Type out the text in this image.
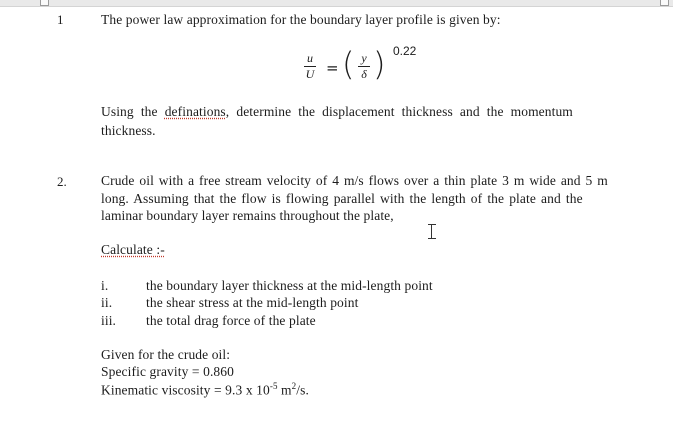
1	The power law approximation for the boundary layer profile is given by:
u
U = ( y
δ ) 0.22
Using the definations, determine the displacement thickness and the momentum
thickness.
2.	Crude oil with a free stream velocity of 4 m/s flows over a thin plate 3 m wide and 5 m
long. Assuming that the flow is flowing parallel with the length of the plate and the
laminar boundary layer remains throughout the plate,
Calculate :-
i.	the boundary layer thickness at the mid-length point
ii.	the shear stress at the mid-length point
iii. the total drag force of the plate
Given for the crude oil:
Specific gravity = 0.860
Kinematic viscosity = 9.3 x $10^{-5}$ $m^2/s$.
